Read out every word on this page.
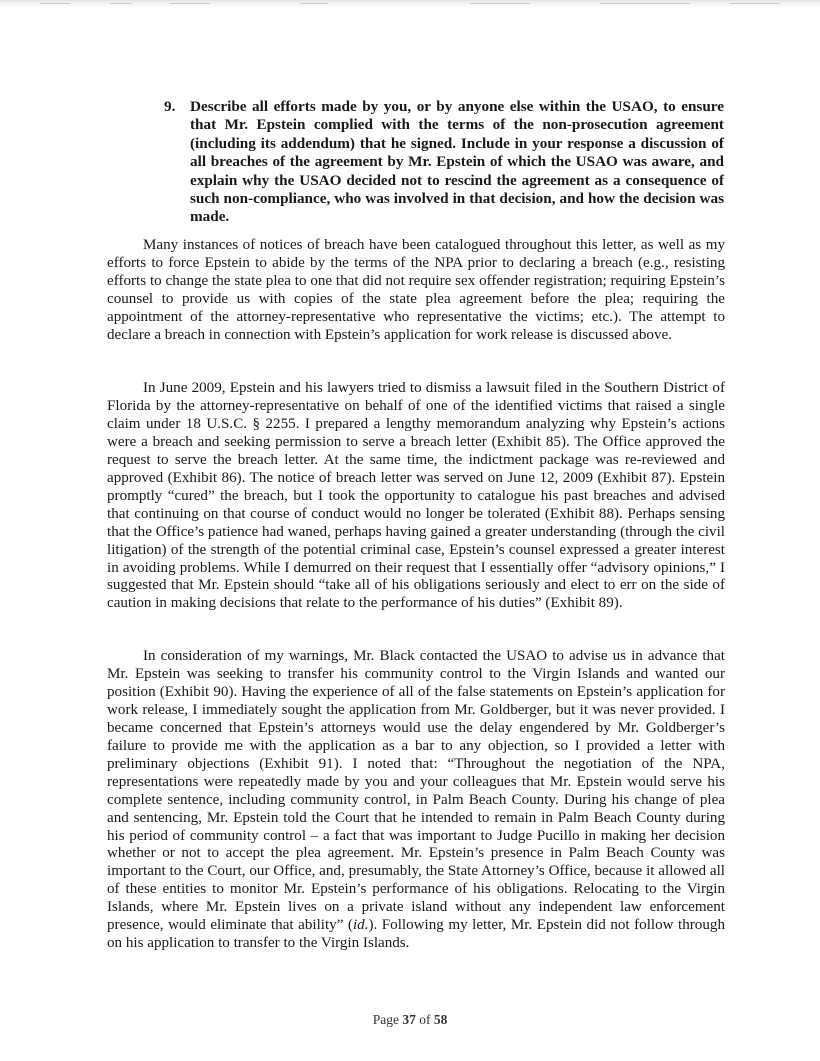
9. Describe all efforts made by you, or by anyone else within the USAO, to ensure that Mr. Epstein complied with the terms of the non-prosecution agreement (including its addendum) that he signed. Include in your response a discussion of all breaches of the agreement by Mr. Epstein of which the USAO was aware, and explain why the USAO decided not to rescind the agreement as a consequence of such non-compliance, who was involved in that decision, and how the decision was made.

Many instances of notices of breach have been catalogued throughout this letter, as well as my efforts to force Epstein to abide by the terms of the NPA prior to declaring a breach (e.g., resisting efforts to change the state plea to one that did not require sex offender registration; requiring Epstein’s counsel to provide us with copies of the state plea agreement before the plea; requiring the appointment of the attorney-representative who representative the victims; etc.). The attempt to declare a breach in connection with Epstein’s application for work release is discussed above.

In June 2009, Epstein and his lawyers tried to dismiss a lawsuit filed in the Southern District of Florida by the attorney-representative on behalf of one of the identified victims that raised a single claim under 18 U.S.C. § 2255. I prepared a lengthy memorandum analyzing why Epstein’s actions were a breach and seeking permission to serve a breach letter (Exhibit 85). The Office approved the request to serve the breach letter. At the same time, the indictment package was re-reviewed and approved (Exhibit 86). The notice of breach letter was served on June 12, 2009 (Exhibit 87). Epstein promptly “cured” the breach, but I took the opportunity to catalogue his past breaches and advised that continuing on that course of conduct would no longer be tolerated (Exhibit 88). Perhaps sensing that the Office’s patience had waned, perhaps having gained a greater understanding (through the civil litigation) of the strength of the potential criminal case, Epstein’s counsel expressed a greater interest in avoiding problems. While I demurred on their request that I essentially offer “advisory opinions,” I suggested that Mr. Epstein should “take all of his obligations seriously and elect to err on the side of caution in making decisions that relate to the performance of his duties” (Exhibit 89).

In consideration of my warnings, Mr. Black contacted the USAO to advise us in advance that Mr. Epstein was seeking to transfer his community control to the Virgin Islands and wanted our position (Exhibit 90). Having the experience of all of the false statements on Epstein’s application for work release, I immediately sought the application from Mr. Goldberger, but it was never provided. I became concerned that Epstein’s attorneys would use the delay engendered by Mr. Goldberger’s failure to provide me with the application as a bar to any objection, so I provided a letter with preliminary objections (Exhibit 91). I noted that: “Throughout the negotiation of the NPA, representations were repeatedly made by you and your colleagues that Mr. Epstein would serve his complete sentence, including community control, in Palm Beach County. During his change of plea and sentencing, Mr. Epstein told the Court that he intended to remain in Palm Beach County during his period of community control – a fact that was important to Judge Pucillo in making her decision whether or not to accept the plea agreement. Mr. Epstein’s presence in Palm Beach County was important to the Court, our Office, and, presumably, the State Attorney’s Office, because it allowed all of these entities to monitor Mr. Epstein’s performance of his obligations. Relocating to the Virgin Islands, where Mr. Epstein lives on a private island without any independent law enforcement presence, would eliminate that ability” (id.). Following my letter, Mr. Epstein did not follow through on his application to transfer to the Virgin Islands.

Page 37 of 58
